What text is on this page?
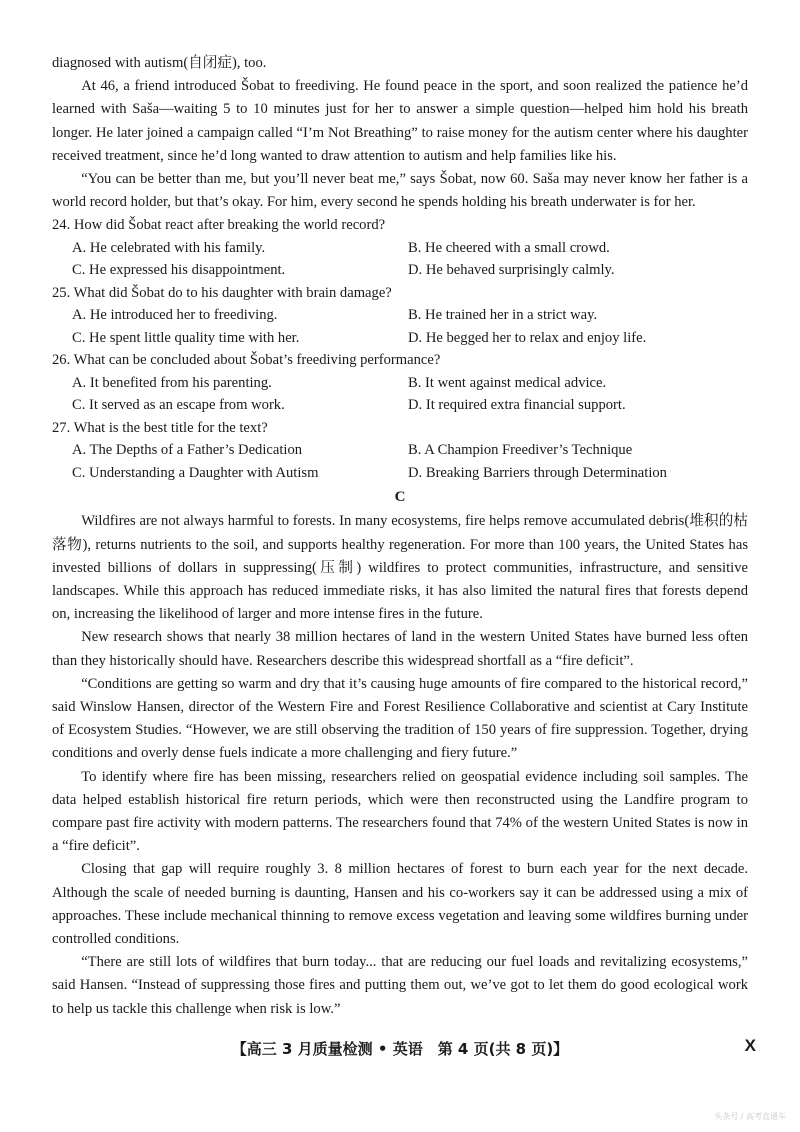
diagnosed with autism(自闭症), too.

At 46, a friend introduced Šobat to freediving. He found peace in the sport, and soon realized the patience he’d learned with Saša—waiting 5 to 10 minutes just for her to answer a simple question—helped him hold his breath longer. He later joined a campaign called “I’m Not Breathing” to raise money for the autism center where his daughter received treatment, since he’d long wanted to draw attention to autism and help families like his.

“You can be better than me, but you’ll never beat me,” says Šobat, now 60. Saša may never know her father is a world record holder, but that’s okay. For him, every second he spends holding his breath underwater is for her.

24. How did Šobat react after breaking the world record?

A. He celebrated with his family.	B. He cheered with a small crowd.
C. He expressed his disappointment.	D. He behaved surprisingly calmly.

25. What did Šobat do to his daughter with brain damage?

A. He introduced her to freediving.	B. He trained her in a strict way.
C. He spent little quality time with her.	D. He begged her to relax and enjoy life.

26. What can be concluded about Šobat’s freediving performance?

A. It benefited from his parenting.	B. It went against medical advice.
C. It served as an escape from work.	D. It required extra financial support.

27. What is the best title for the text?

A. The Depths of a Father’s Dedication	B. A Champion Freediver’s Technique
C. Understanding a Daughter with Autism	D. Breaking Barriers through Determination
C

Wildfires are not always harmful to forests. In many ecosystems, fire helps remove accumulated debris(堆积的枯落物), returns nutrients to the soil, and supports healthy regeneration. For more than 100 years, the United States has invested billions of dollars in suppressing(压制) wildfires to protect communities, infrastructure, and sensitive landscapes. While this approach has reduced immediate risks, it has also limited the natural fires that forests depend on, increasing the likelihood of larger and more intense fires in the future.

New research shows that nearly 38 million hectares of land in the western United States have burned less often than they historically should have. Researchers describe this widespread shortfall as a “fire deficit”.

“Conditions are getting so warm and dry that it’s causing huge amounts of fire compared to the historical record,” said Winslow Hansen, director of the Western Fire and Forest Resilience Collaborative and scientist at Cary Institute of Ecosystem Studies. “However, we are still observing the tradition of 150 years of fire suppression. Together, drying conditions and overly dense fuels indicate a more challenging and fiery future.”

To identify where fire has been missing, researchers relied on geospatial evidence including soil samples. The data helped establish historical fire return periods, which were then reconstructed using the Landfire program to compare past fire activity with modern patterns. The researchers found that 74% of the western United States is now in a “fire deficit”.

Closing that gap will require roughly 3. 8 million hectares of forest to burn each year for the next decade. Although the scale of needed burning is daunting, Hansen and his co-workers say it can be addressed using a mix of approaches. These include mechanical thinning to remove excess vegetation and leaving some wildfires burning under controlled conditions.

“There are still lots of wildfires that burn today... that are reducing our fuel loads and revitalizing ecosystems,” said Hansen. “Instead of suppressing those fires and putting them out, we’ve got to let them do good ecological work to help us tackle this challenge when risk is low.”

【高三 3 月质量检测 • 英语　第 4 页(共 8 页)】	X
头条号 / 高考直通车
